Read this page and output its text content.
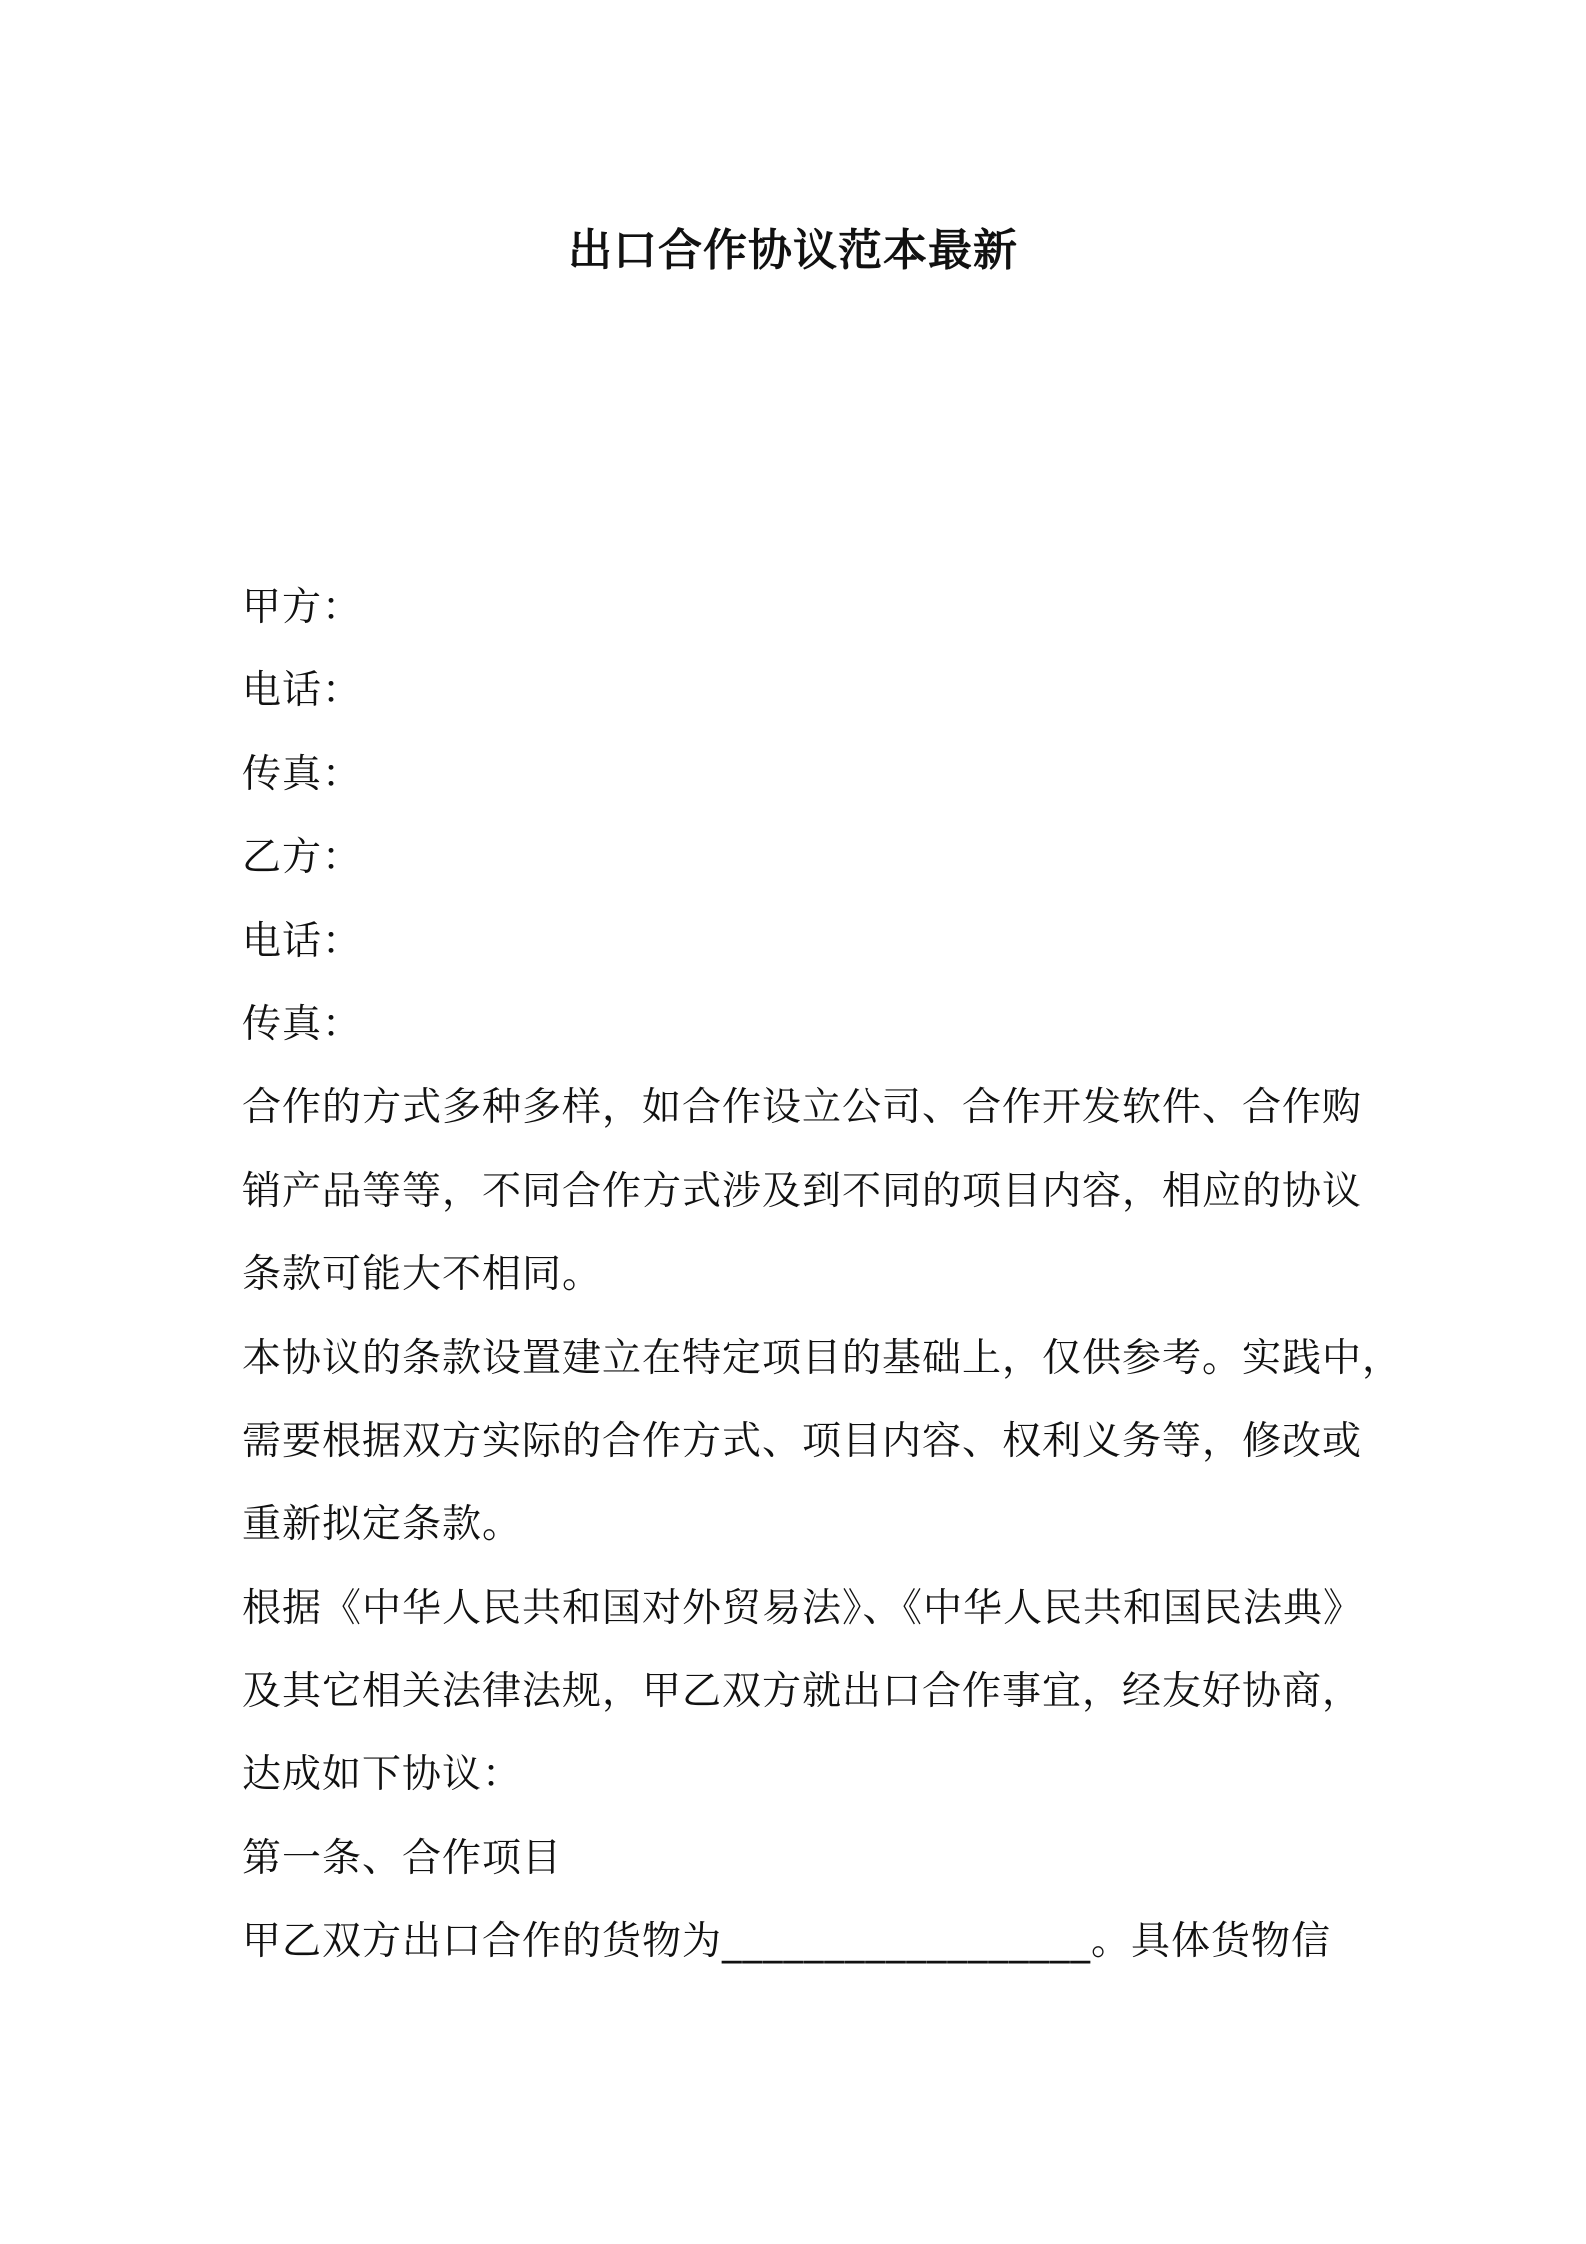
出口合作协议范本最新
甲方：
电话：
传真：
乙方：
电话：
传真：
合作的方式多种多样，如合作设立公司、合作开发软件、合作购
销产品等等，不同合作方式涉及到不同的项目内容，相应的协议
条款可能大不相同。
本协议的条款设置建立在特定项目的基础上，仅供参考。实践中，
需要根据双方实际的合作方式、项目内容、权利义务等，修改或
重新拟定条款。
根据《中华人民共和国对外贸易法》、《中华人民共和国民法典》
及其它相关法律法规，甲乙双方就出口合作事宜，经友好协商，
达成如下协议：
第一条、合作项目
甲乙双方出口合作的货物为__________________。具体货物信
